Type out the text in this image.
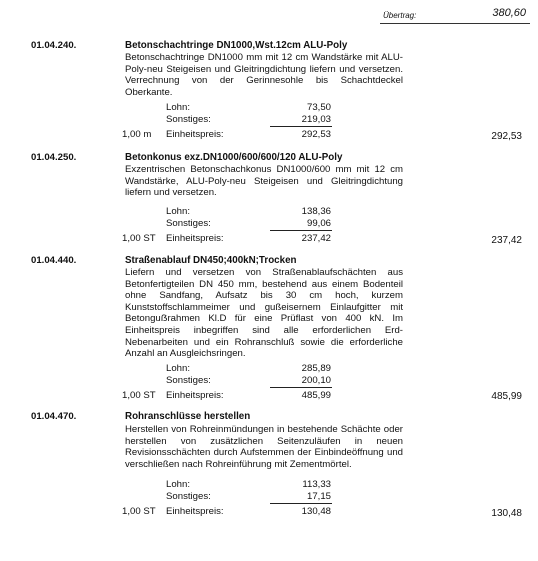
Übertrag:	380,60
01.04.240.	Betonschachtringe DN1000,Wst.12cm ALU-Poly
Betonschachtringe DN1000 mm mit 12 cm Wandstärke mit ALU-
Poly-neu Steigeisen und Gleitringdichtung liefern und versetzen.
Verrechnung von der Gerinnesohle bis Schachtdeckel
Oberkante.
Lohn:	73,50
Sonstiges:	219,03
1,00 m Einheitspreis:	292,53	292,53
01.04.250.	Betonkonus exz.DN1000/600/600/120 ALU-Poly
Exzentrischen Betonschachkonus DN1000/600 mm mit 12 cm
Wandstärke, ALU-Poly-neu Steigeisen und Gleitringdichtung
liefern und versetzen.
Lohn:	138,36
Sonstiges:	99,06
1,00 ST Einheitspreis:	237,42	237,42
01.04.440.	Straßenablauf DN450;400kN;Trocken
Liefern und versetzen von Straßenablaufschächten aus
Betonfertigteilen DN 450 mm, bestehend aus einem Bodenteil
ohne Sandfang, Aufsatz bis 30 cm hoch, kurzem
Kunststoffschlammeimer und gußeisernem Einlaufgitter mit
Betonguẞrahmen Kl.D für eine Prüflast von 400 kN. Im
Einheitspreis inbegriffen sind alle erforderlichen Erd-
Nebenarbeiten und ein Rohranschluß sowie die erforderliche
Anzahl an Ausgleichsringen.
Lohn:	285,89
Sonstiges:	200,10
1,00 ST Einheitspreis:	485,99	485,99
01.04.470.	Rohranschlüsse herstellen
Herstellen von Rohreinmündungen in bestehende Schächte oder
herstellen von zusätzlichen Seitenzuläufen in neuen
Revisionsschächten durch Aufstemmen der Einbindeöffnung und
verschließen nach Rohreinführung mit Zementmörtel.
Lohn:	113,33
Sonstiges:	17,15
1,00 ST Einheitspreis:	130,48	130,48
